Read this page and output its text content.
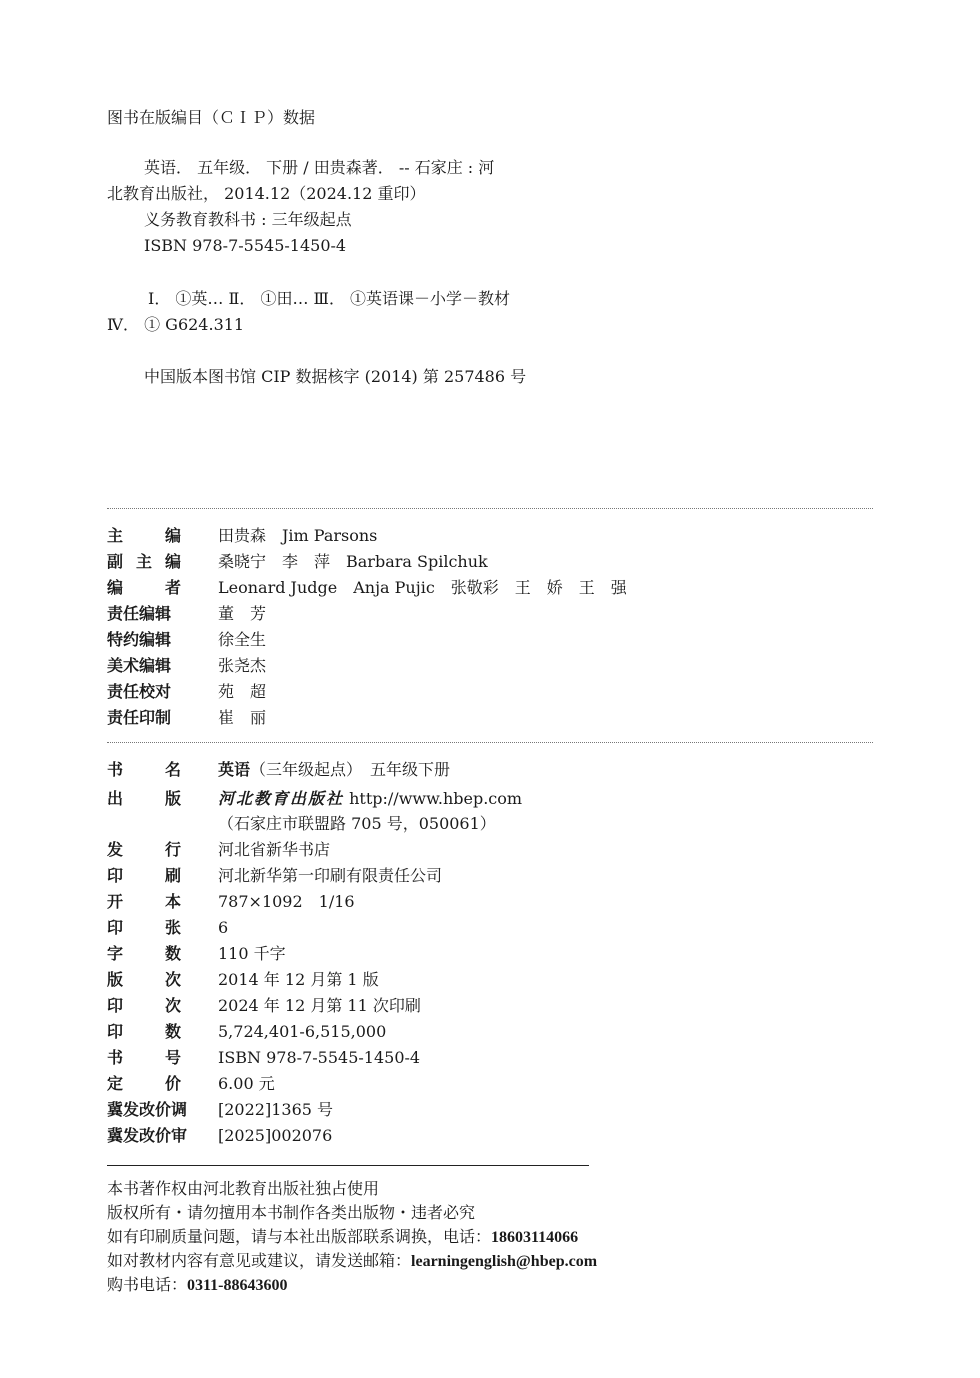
图书在版编目（ＣＩＰ）数据
英语． 五年级． 下册 / 田贵森著． -- 石家庄 : 河
北教育出版社， 2014.12（2024.12 重印）
义务教育教科书 : 三年级起点
ISBN 978-7-5545-1450-4
Ⅰ． ①英… Ⅱ． ①田… Ⅲ． ①英语课－小学－教材
Ⅳ． ① G624.311
中国版本图书馆 CIP 数据核字 (2014) 第 257486 号
主	编 田贵森　Jim Parsons
副 主 编 桑晓宁　李　萍　Barbara Spilchuk
编	者 Leonard Judge　Anja Pujic　张敬彩　王　娇　王　强
责任编辑	董　芳
特约编辑	徐全生
美术编辑	张尧杰
责任校对	苑　超
责任印制	崔　丽
书	名 英语（三年级起点）　五年级下册
出	版 河北教育出版社 http://www.hbep.com
（石家庄市联盟路 705 号，050061）
发	行 河北省新华书店
印	刷 河北新华第一印刷有限责任公司
开	本 787×1092　1/16
印	张 6
字	数 110 千字
版	次 2014 年 12 月第 1 版
印	次 2024 年 12 月第 11 次印刷
印	数 5,724,401-6,515,000
书	号 ISBN 978-7-5545-1450-4
定	价 6.00 元
冀发改价调	[2022]1365 号
冀发改价审	[2025]002076
本书著作权由河北教育出版社独占使用
版权所有・请勿擅用本书制作各类出版物・违者必究
如有印刷质量问题，请与本社出版部联系调换，电话：18603114066
如对教材内容有意见或建议，请发送邮箱：learningenglish@hbep.com
购书电话：0311-88643600
